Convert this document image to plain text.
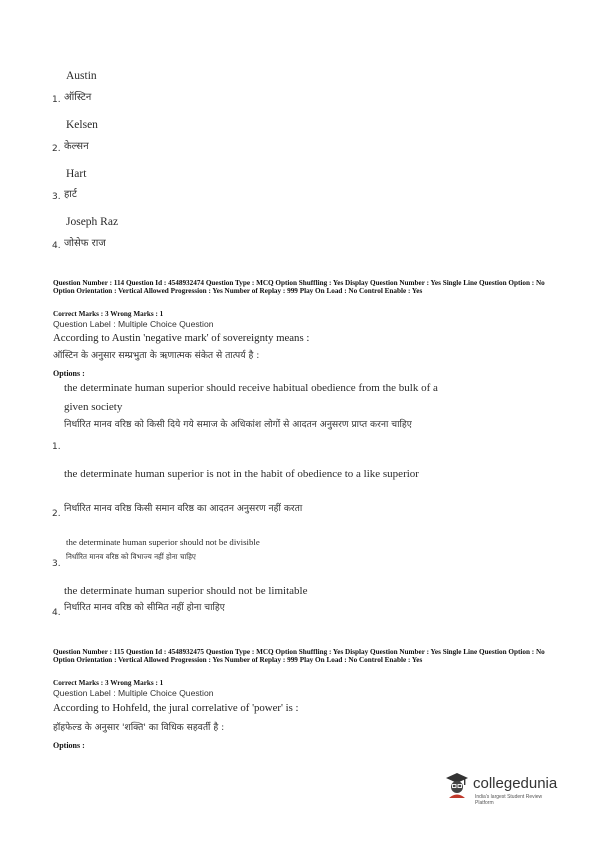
Austin
1. ऑस्टिन
Kelsen
2. केल्सन
Hart
3. हार्ट
Joseph Raz
4. जोसेफ राज
Question Number : 114 Question Id : 4548932474 Question Type : MCQ Option Shuffling : Yes Display Question Number : Yes Single Line Question Option : No Option Orientation : Vertical Allowed Progression : Yes Number of Replay : 999 Play On Load : No Control Enable : Yes
Correct Marks : 3 Wrong Marks : 1
Question Label : Multiple Choice Question
According to Austin 'negative mark' of sovereignty means :
ऑस्टिन के अनुसार सम्प्रभुता के ऋणात्मक संकेत से तात्पर्य है :
Options :
the determinate human superior should receive habitual obedience from the bulk of a given society
निर्धारित मानव वरिष्ठ को किसी दिये गये समाज के अधिकांश लोगों से आदतन अनुसरण प्राप्त करना चाहिए
1.
the determinate human superior is not in the habit of obedience to a like superior
निर्धारित मानव वरिष्ठ किसी समान वरिष्ठ का आदतन अनुसरण नहीं करता
2.
the determinate human superior should not be divisible
निर्धारित मानव वरिष्ठ को विभाज्य नहीं होना चाहिए
3.
the determinate human superior should not be limitable
निर्धारित मानव वरिष्ठ को सीमित नहीं होना चाहिए
4.
Question Number : 115 Question Id : 4548932475 Question Type : MCQ Option Shuffling : Yes Display Question Number : Yes Single Line Question Option : No Option Orientation : Vertical Allowed Progression : Yes Number of Replay : 999 Play On Load : No Control Enable : Yes
Correct Marks : 3 Wrong Marks : 1
Question Label : Multiple Choice Question
According to Hohfeld, the jural correlative of 'power' is :
हॉहफेल्ड के अनुसार 'शक्ति' का विधिक सहवर्ती है :
Options :
collegedunia
India's largest Student Review Platform
